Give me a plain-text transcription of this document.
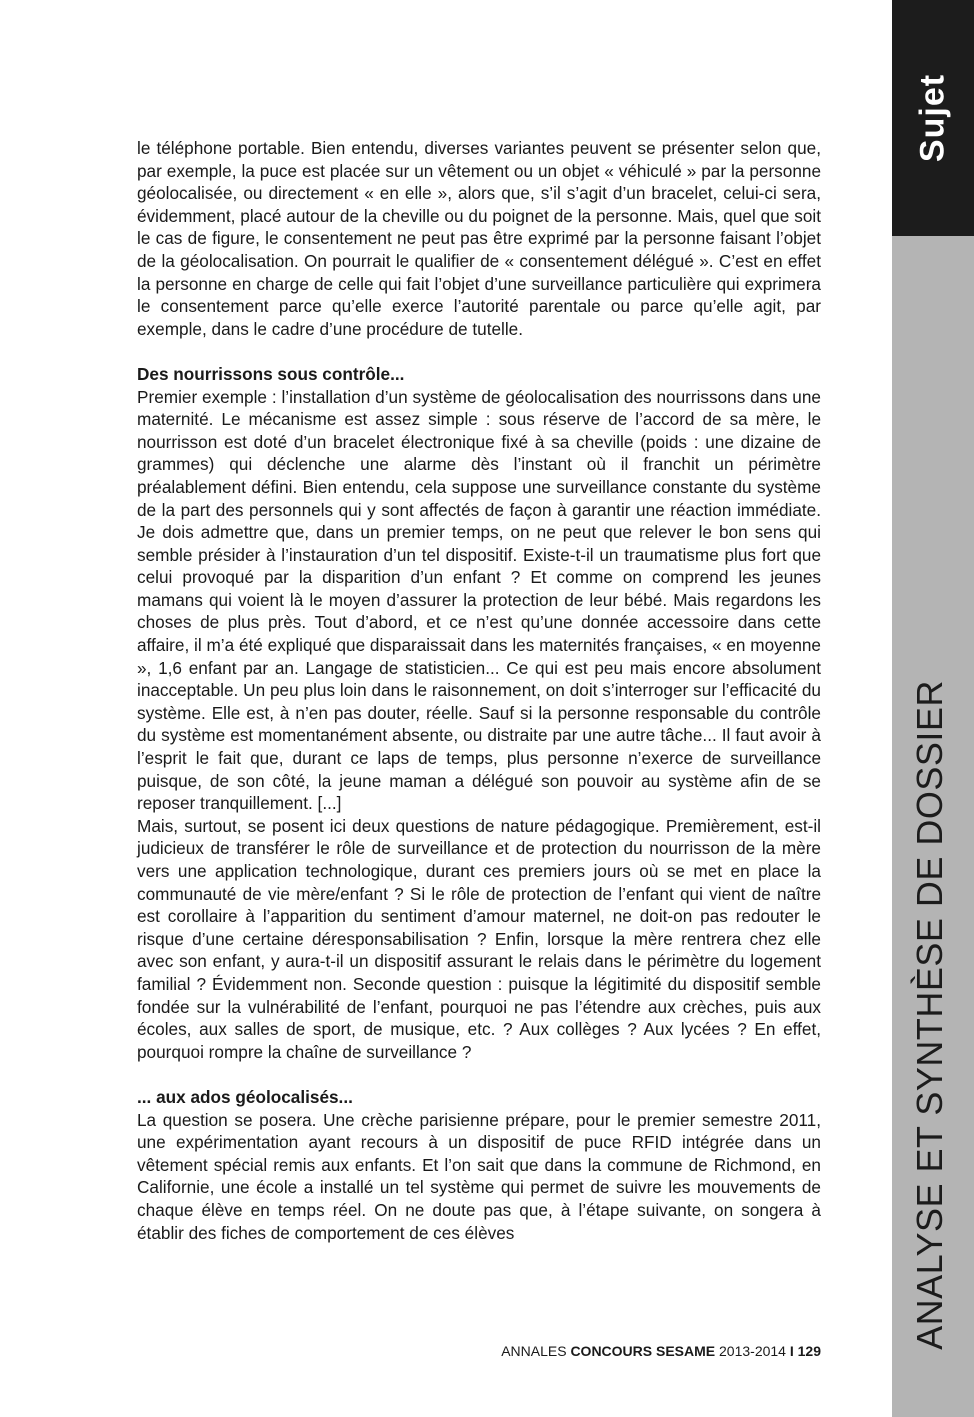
Sujet
ANALYSE ET SYNTHÈSE DE DOSSIER

le téléphone portable. Bien entendu, diverses variantes peuvent se présenter selon que, par exemple, la puce est placée sur un vêtement ou un objet « véhiculé » par la personne géolocalisée, ou directement « en elle », alors que, s’il s’agit d’un bracelet, celui-ci sera, évidemment, placé autour de la cheville ou du poignet de la personne. Mais, quel que soit le cas de figure, le consentement ne peut pas être exprimé par la personne faisant l’objet de la géolocalisation. On pourrait le qualifier de « consentement délégué ». C’est en effet la personne en charge de celle qui fait l’objet d’une surveillance particulière qui exprimera le consentement parce qu’elle exerce l’autorité parentale ou parce qu’elle agit, par exemple, dans le cadre d’une procédure de tutelle.

Des nourrissons sous contrôle...

Premier exemple : l’installation d’un système de géolocalisation des nourrissons dans une maternité. Le mécanisme est assez simple : sous réserve de l’accord de sa mère, le nourrisson est doté d’un bracelet électronique fixé à sa cheville (poids : une dizaine de grammes) qui déclenche une alarme dès l’instant où il franchit un périmètre préalablement défini. Bien entendu, cela suppose une surveillance constante du système de la part des personnels qui y sont affectés de façon à garantir une réaction immédiate. Je dois admettre que, dans un premier temps, on ne peut que relever le bon sens qui semble présider à l’instauration d’un tel dispositif. Existe-t-il un traumatisme plus fort que celui provoqué par la disparition d’un enfant ? Et comme on comprend les jeunes mamans qui voient là le moyen d’assurer la protection de leur bébé. Mais regardons les choses de plus près. Tout d’abord, et ce n’est qu’une donnée accessoire dans cette affaire, il m’a été expliqué que disparaissait dans les maternités françaises, « en moyenne », 1,6 enfant par an. Langage de statisticien... Ce qui est peu mais encore absolument inacceptable. Un peu plus loin dans le raisonnement, on doit s’interroger sur l’efficacité du système. Elle est, à n’en pas douter, réelle. Sauf si la personne responsable du contrôle du système est momentanément absente, ou distraite par une autre tâche... Il faut avoir à l’esprit le fait que, durant ce laps de temps, plus personne n’exerce de surveillance puisque, de son côté, la jeune maman a délégué son pouvoir au système afin de se reposer tranquillement. [...]

Mais, surtout, se posent ici deux questions de nature pédagogique. Premièrement, est-il judicieux de transférer le rôle de surveillance et de protection du nourrisson de la mère vers une application technologique, durant ces premiers jours où se met en place la communauté de vie mère/enfant ? Si le rôle de protection de l’enfant qui vient de naître est corollaire à l’apparition du sentiment d’amour maternel, ne doit-on pas redouter le risque d’une certaine déresponsabilisation ? Enfin, lorsque la mère rentrera chez elle avec son enfant, y aura-t-il un dispositif assurant le relais dans le périmètre du logement familial ? Évidemment non. Seconde question : puisque la légitimité du dispositif semble fondée sur la vulnérabilité de l’enfant, pourquoi ne pas l’étendre aux crèches, puis aux écoles, aux salles de sport, de musique, etc. ? Aux collèges ? Aux lycées ? En effet, pourquoi rompre la chaîne de surveillance ?

... aux ados géolocalisés...

La question se posera. Une crèche parisienne prépare, pour le premier semestre 2011, une expérimentation ayant recours à un dispositif de puce RFID intégrée dans un vêtement spécial remis aux enfants. Et l’on sait que dans la commune de Richmond, en Californie, une école a installé un tel système qui permet de suivre les mouvements de chaque élève en temps réel. On ne doute pas que, à l’étape suivante, on songera à établir des fiches de comportement de ces élèves

ANNALES CONCOURS SESAME 2013-2014 I 129
